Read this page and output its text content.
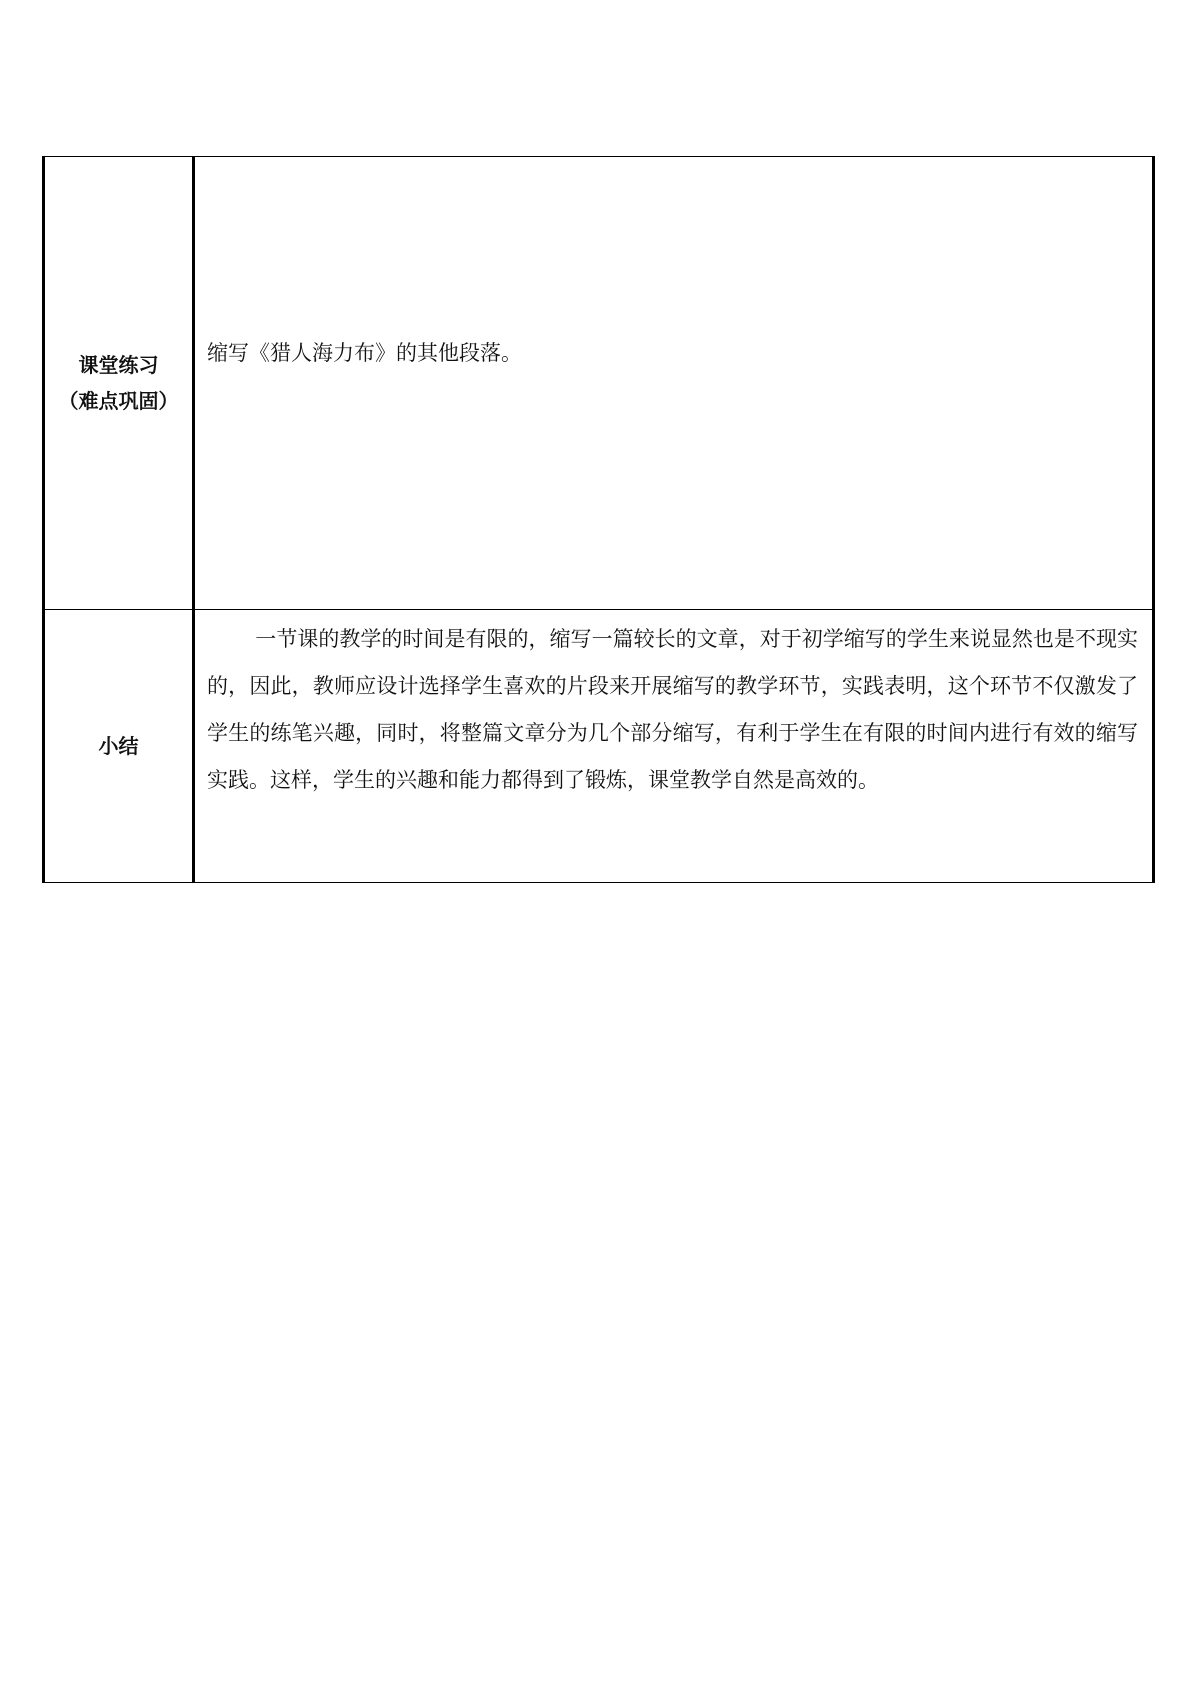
课堂练习
（难点巩固）	缩写《猎人海力布》的其他段落。

小结	一节课的教学的时间是有限的，缩写一篇较长的文章，对于初学缩写的学生来说显然也是不现实的，因此，教师应设计选择学生喜欢的片段来开展缩写的教学环节，实践表明，这个环节不仅激发了学生的练笔兴趣，同时，将整篇文章分为几个部分缩写，有利于学生在有限的时间内进行有效的缩写实践。这样，学生的兴趣和能力都得到了锻炼，课堂教学自然是高效的。
